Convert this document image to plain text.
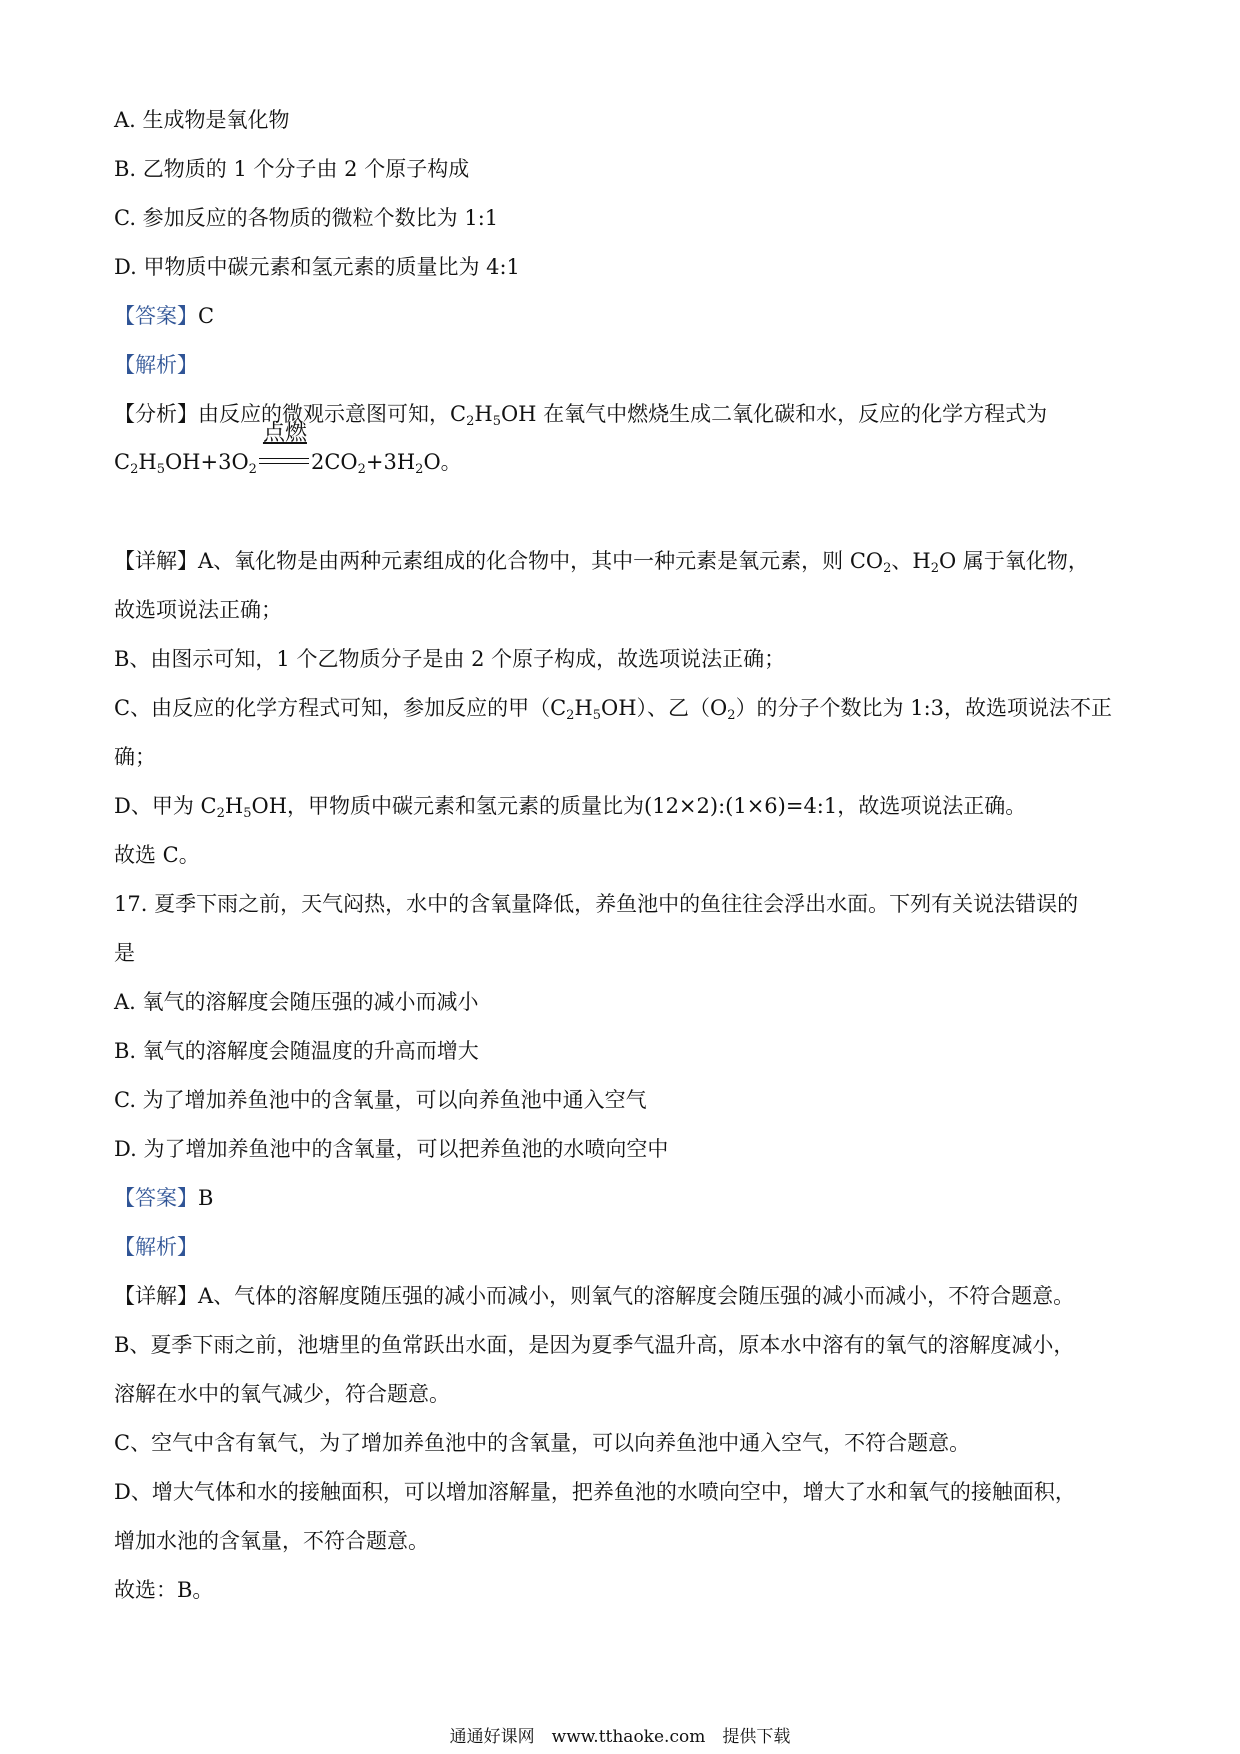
A. 生成物是氧化物
B. 乙物质的 1 个分子由 2 个原子构成
C. 参加反应的各物质的微粒个数比为 1:1
D. 甲物质中碳元素和氢元素的质量比为 4:1
【答案】C
【解析】
【分析】由反应的微观示意图可知，$C_2H_5OH$ 在氧气中燃烧生成二氧化碳和水，反应的化学方程式为
$C_2H_5OH+3O_2$
点燃
$2CO_2+3H_2O$。
【详解】A、氧化物是由两种元素组成的化合物中，其中一种元素是氧元素，则 $CO_2$、$H_2O$ 属于氧化物，
故选项说法正确；
B、由图示可知，1 个乙物质分子是由 2 个原子构成，故选项说法正确；
C、由反应的化学方程式可知，参加反应的甲$(C_2H_5OH)$、乙$(O_2)$的分子个数比为 1:3，故选项说法不正
确；
D、甲为 $C_2H_5OH$，甲物质中碳元素和氢元素的质量比为(12×2):(1×6)=4:1，故选项说法正确。
故选 C。
17. 夏季下雨之前，天气闷热，水中的含氧量降低，养鱼池中的鱼往往会浮出水面。下列有关说法错误的
是
A. 氧气的溶解度会随压强的减小而减小
B. 氧气的溶解度会随温度的升高而增大
C. 为了增加养鱼池中的含氧量，可以向养鱼池中通入空气
D. 为了增加养鱼池中的含氧量，可以把养鱼池的水喷向空中
【答案】B
【解析】
【详解】A、气体的溶解度随压强的减小而减小，则氧气的溶解度会随压强的减小而减小，不符合题意。
B、夏季下雨之前，池塘里的鱼常跃出水面，是因为夏季气温升高，原本水中溶有的氧气的溶解度减小，
溶解在水中的氧气减少，符合题意。
C、空气中含有氧气，为了增加养鱼池中的含氧量，可以向养鱼池中通入空气，不符合题意。
D、增大气体和水的接触面积，可以增加溶解量，把养鱼池的水喷向空中，增大了水和氧气的接触面积，
增加水池的含氧量，不符合题意。
故选：B。
通通好课网　www.tthaoke.com　提供下载
